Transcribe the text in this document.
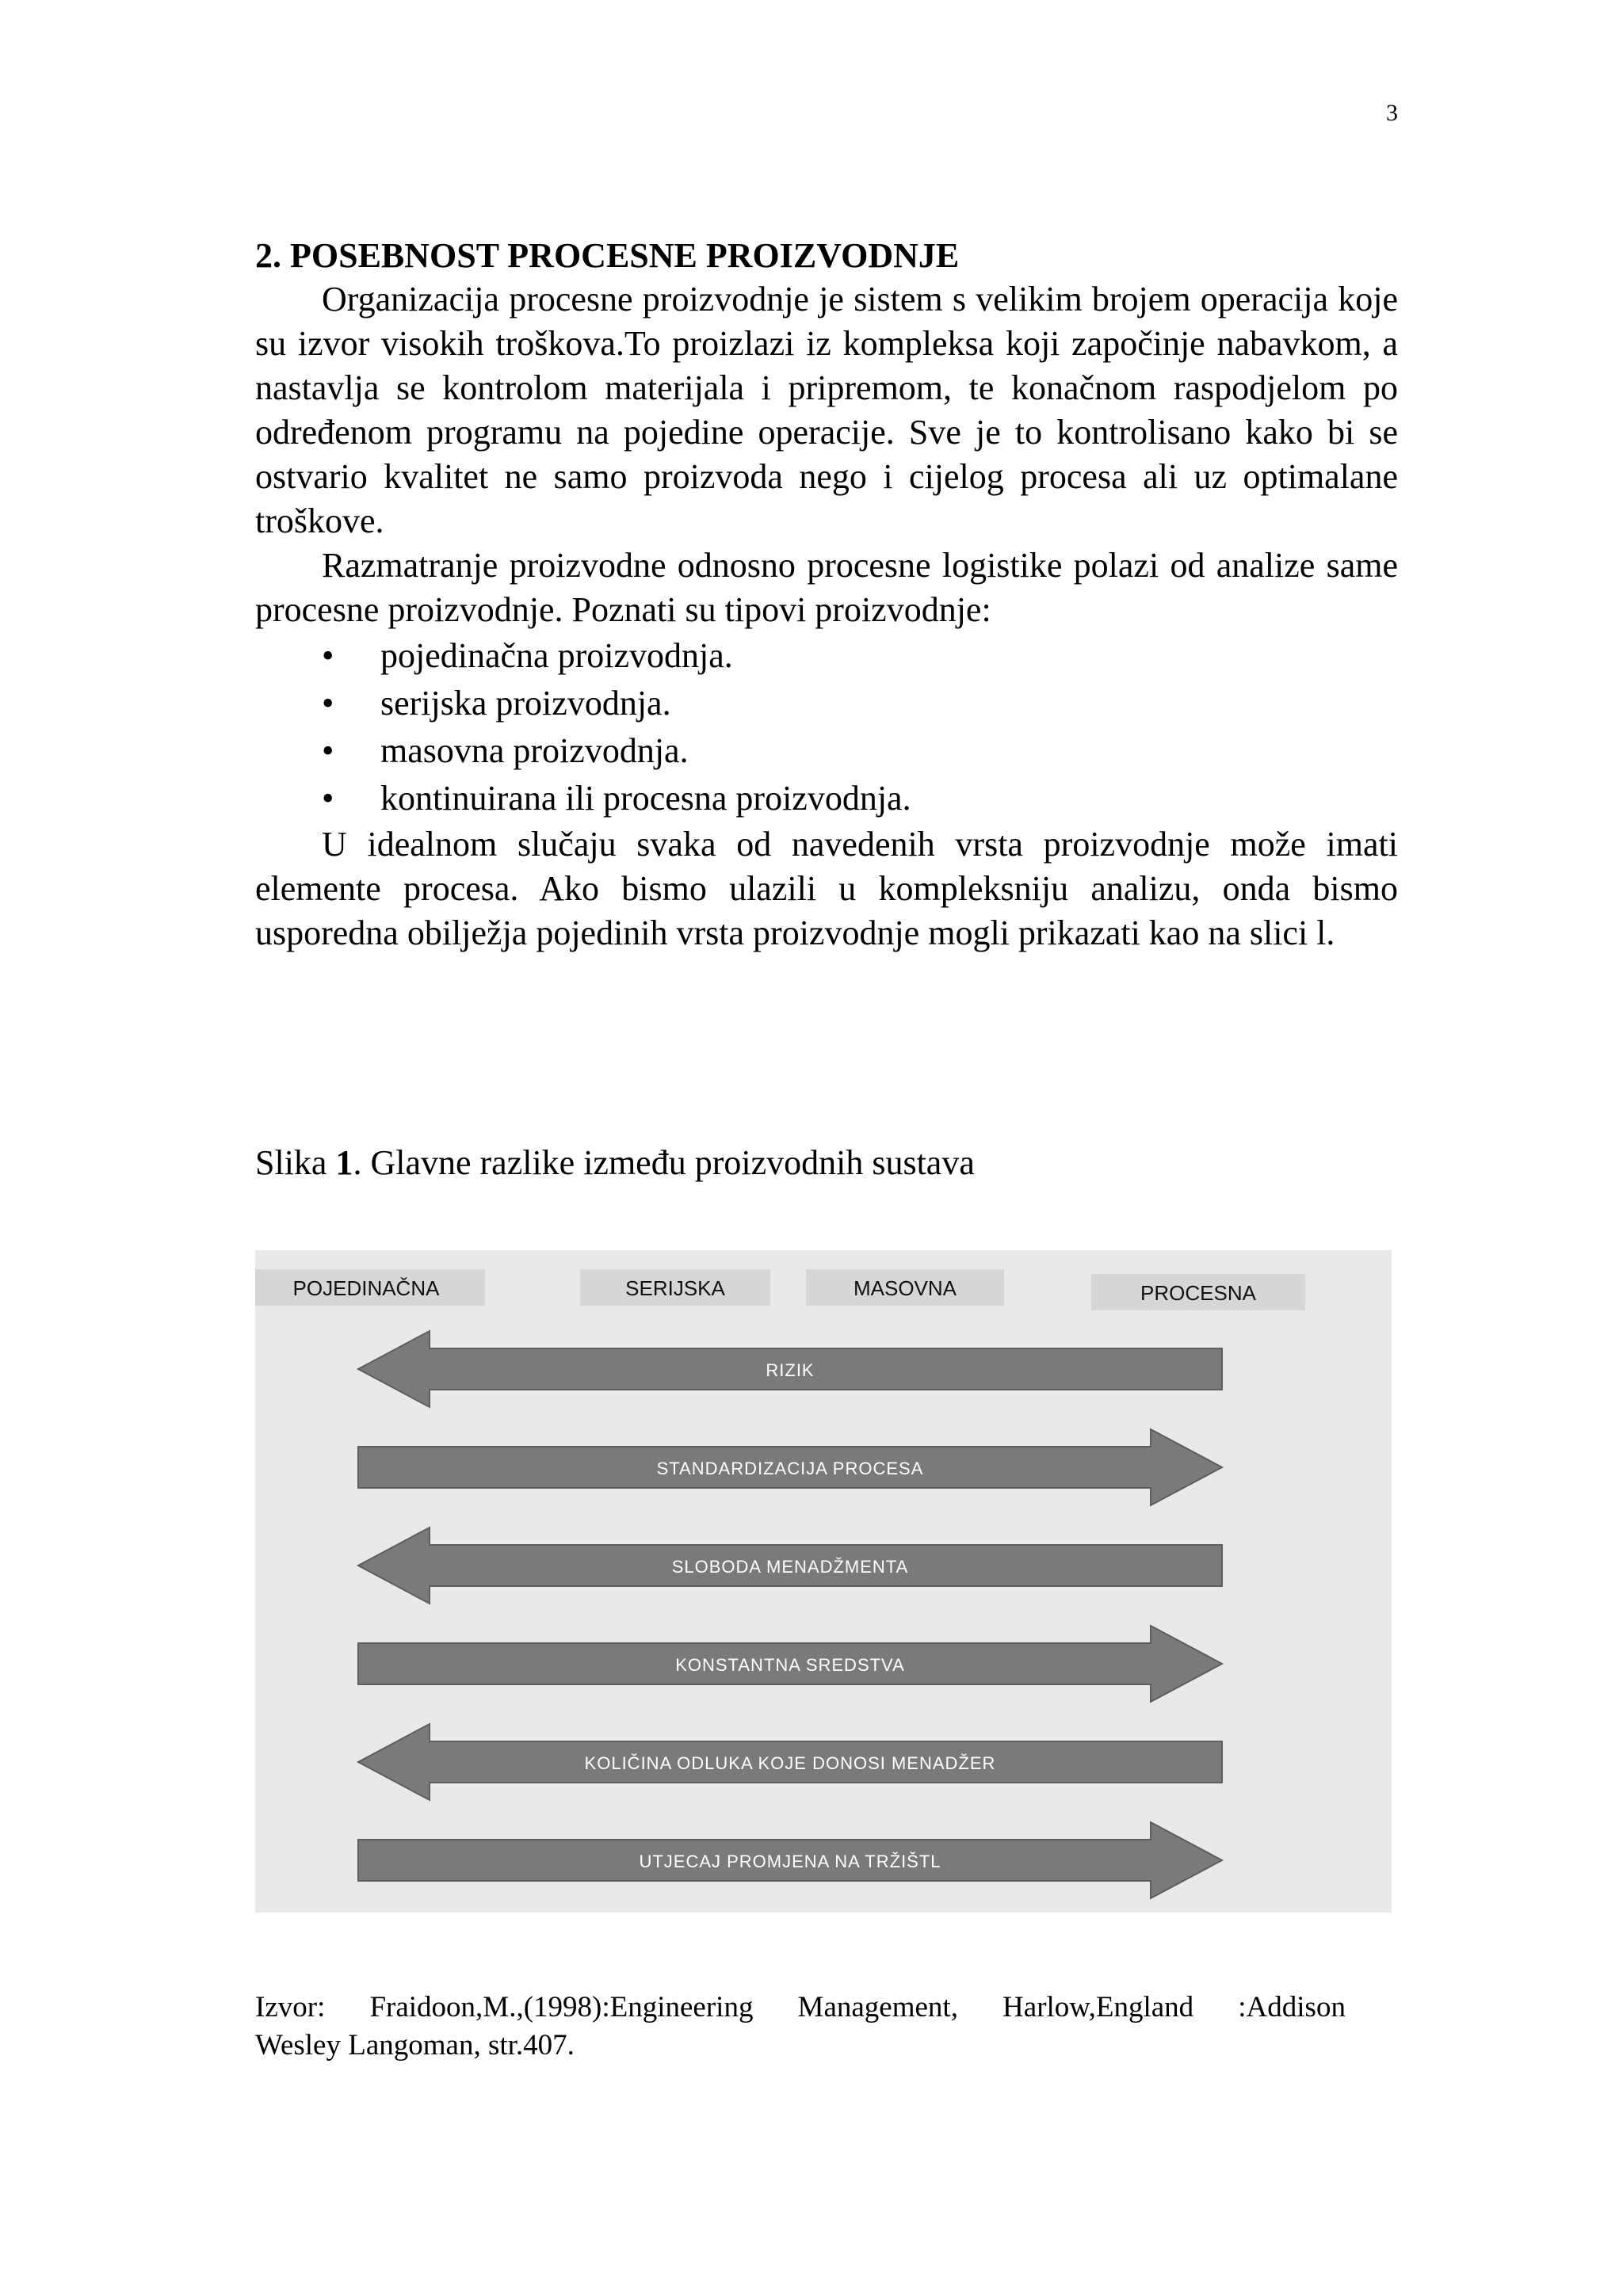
3
2. POSEBNOST PROCESNE PROIZVODNJE

Organizacija procesne proizvodnje je sistem s velikim brojem operacija koje su izvor visokih troškova.To proizlazi iz kompleksa koji započinje nabavkom, a nastavlja se kontrolom materijala i pripremom, te konačnom raspodjelom po određenom programu na pojedine operacije. Sve je to kontrolisano kako bi se ostvario kvalitet ne samo proizvoda nego i cijelog procesa ali uz optimalane troškove.

Razmatranje proizvodne odnosno procesne logistike polazi od analize same procesne proizvodnje. Poznati su tipovi proizvodnje:

• pojedinačna proizvodnja.
• serijska proizvodnja.
• masovna proizvodnja.
• kontinuirana ili procesna proizvodnja.

U idealnom slučaju svaka od navedenih vrsta proizvodnje može imati elemente procesa. Ako bismo ulazili u kompleksniju analizu, onda bismo usporedna obilježja pojedinih vrsta proizvodnje mogli prikazati kao na slici l.

Slika 1. Glavne razlike između proizvodnih sustava
POJEDINAČNA	SERIJSKA	MASOVNA	PROCESNA
RIZIK
STANDARDIZACIJA PROCESA
SLOBODA MENADŽMENTA
KONSTANTNA SREDSTVA
KOLIČINA ODLUKA KOJE DONOSI MENADŽER
UTJECAJ PROMJENA NA TRŽIŠTL
Izvor: Fraidoon,M.,(1998):Engineering Management, Harlow,England :Addison
Wesley Langoman, str.407.
